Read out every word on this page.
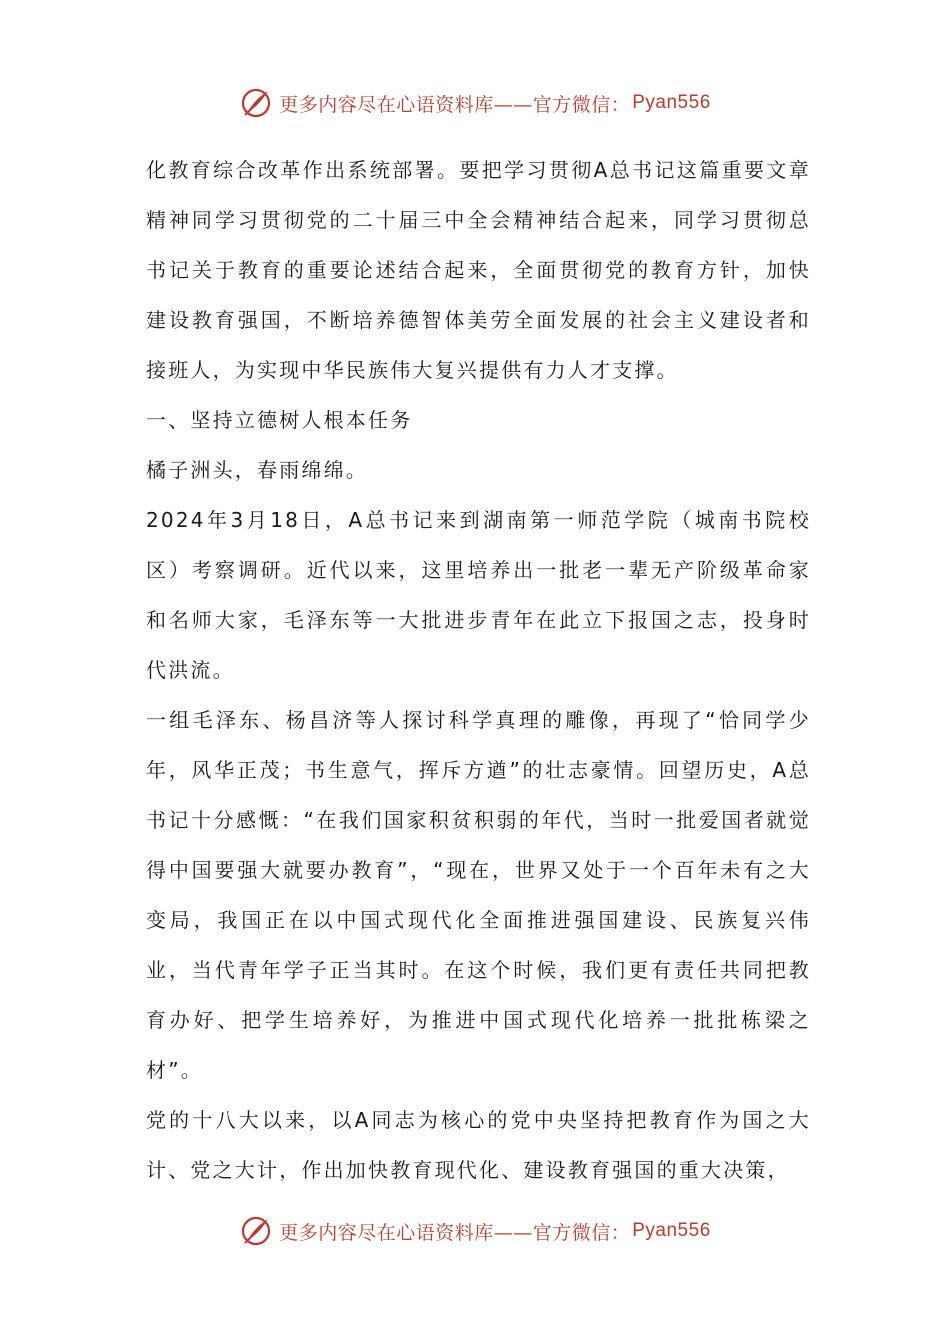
更多内容尽在心语资料库——官方微信： Pyan556

化教育综合改革作出系统部署。要把学习贯彻A总书记这篇重要文章精神同学习贯彻党的二十届三中全会精神结合起来，同学习贯彻总书记关于教育的重要论述结合起来，全面贯彻党的教育方针，加快建设教育强国，不断培养德智体美劳全面发展的社会主义建设者和接班人，为实现中华民族伟大复兴提供有力人才支撑。

一、坚持立德树人根本任务

橘子洲头，春雨绵绵。

2024年3月18日，A总书记来到湖南第一师范学院（城南书院校区）考察调研。近代以来，这里培养出一批老一辈无产阶级革命家和名师大家，毛泽东等一大批进步青年在此立下报国之志，投身时代洪流。

一组毛泽东、杨昌济等人探讨科学真理的雕像，再现了“恰同学少年，风华正茂；书生意气，挥斥方遒”的壮志豪情。回望历史，A总书记十分感慨：“在我们国家积贫积弱的年代，当时一批爱国者就觉得中国要强大就要办教育”，“现在，世界又处于一个百年未有之大变局，我国正在以中国式现代化全面推进强国建设、民族复兴伟业，当代青年学子正当其时。在这个时候，我们更有责任共同把教育办好、把学生培养好，为推进中国式现代化培养一批批栋梁之材”。

党的十八大以来，以A同志为核心的党中央坚持把教育作为国之大计、党之大计，作出加快教育现代化、建设教育强国的重大决策，

更多内容尽在心语资料库——官方微信： Pyan556
